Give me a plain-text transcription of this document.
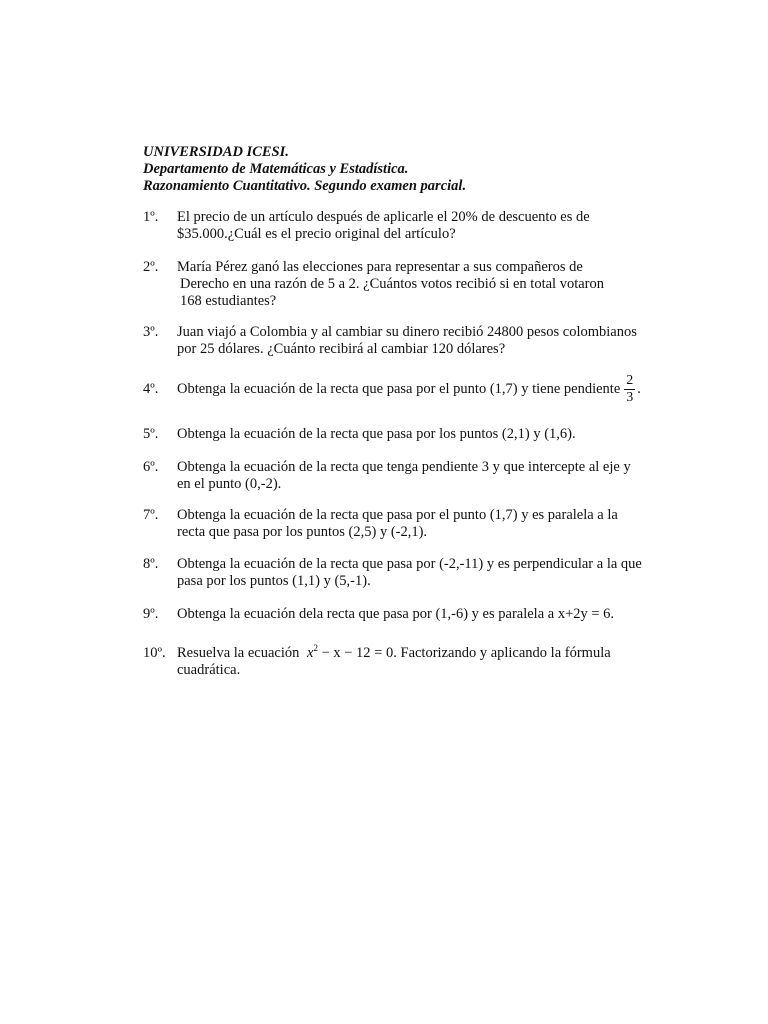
UNIVERSIDAD ICESI.
Departamento de Matemáticas y Estadística.
Razonamiento Cuantitativo. Segundo examen parcial.
1º. El precio de un artículo después de aplicarle el 20% de descuento es de
$35.000.¿Cuál es el precio original del artículo?
2º. María Pérez ganó las elecciones para representar a sus compañeros de
Derecho en una razón de 5 a 2. ¿Cuántos votos recibió si en total votaron
168 estudiantes?
3º. Juan viajó a Colombia y al cambiar su dinero recibió 24800 pesos colombianos
por 25 dólares. ¿Cuánto recibirá al cambiar 120 dólares?
4º. Obtenga la ecuación de la recta que pasa por el punto (1,7) y tiene pendiente $\frac{2}{3}$ .
5º. Obtenga la ecuación de la recta que pasa por los puntos (2,1) y (1,6).
6º. Obtenga la ecuación de la recta que tenga pendiente 3 y que intercepte al eje y
en el punto (0,-2).
7º. Obtenga la ecuación de la recta que pasa por el punto (1,7) y es paralela a la
recta que pasa por los puntos (2,5) y (-2,1).
8º. Obtenga la ecuación de la recta que pasa por (-2,-11) y es perpendicular a la que
pasa por los puntos (1,1) y (5,-1).
9º. Obtenga la ecuación dela recta que pasa por (1,-6) y es paralela a x+2y = 6.
10º. Resuelva la ecuación $x^2 - x - 12 = 0$. Factorizando y aplicando la fórmula
cuadrática.
